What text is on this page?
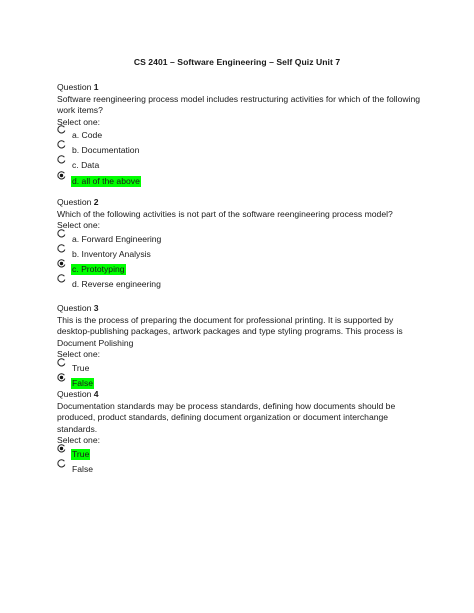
CS 2401 – Software Engineering – Self Quiz Unit 7
Question 1
Software reengineering process model includes restructuring activities for which of the following work items?
Select one:
a. Code
b. Documentation
c. Data
d. all of the above
Question 2
Which of the following activities is not part of the software reengineering process model?
Select one:
a. Forward Engineering
b. Inventory Analysis
c. Prototyping
d. Reverse engineering
Question 3
This is the process of preparing the document for professional printing. It is supported by desktop-publishing packages, artwork packages and type styling programs. This process is Document Polishing
Select one:
True
False
Question 4
Documentation standards may be process standards, defining how documents should be produced, product standards, defining document organization or document interchange standards.
Select one:
True
False
